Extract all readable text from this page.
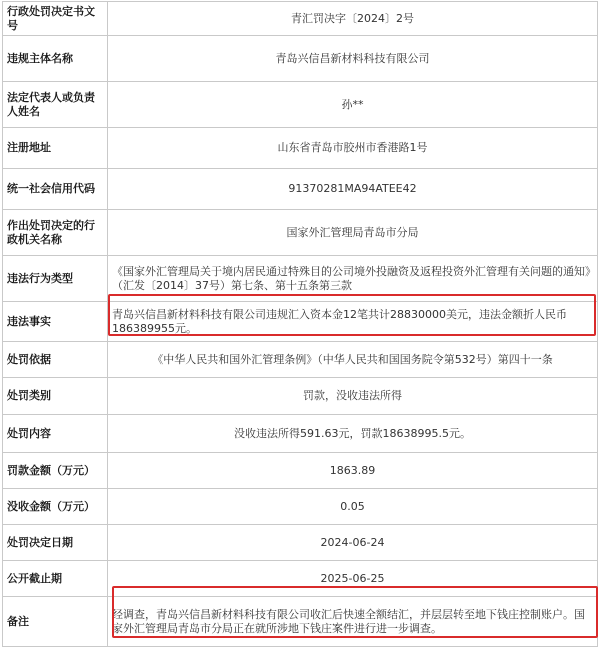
行政处罚决定书文号	青汇罚决字〔2024〕2号
违规主体名称	青岛兴信昌新材料科技有限公司
法定代表人或负责人姓名	孙**
注册地址	山东省青岛市胶州市香港路1号
统一社会信用代码	91370281MA94ATEE42
作出处罚决定的行政机关名称	国家外汇管理局青岛市分局
违法行为类型	《国家外汇管理局关于境内居民通过特殊目的公司境外投融资及返程投资外汇管理有关问题的通知》（汇发〔2014〕37号）第七条、第十五条第三款
违法事实	青岛兴信昌新材料科技有限公司违规汇入资本金12笔共计28830000美元，违法金额折人民币186389955元。
处罚依据	《中华人民共和国外汇管理条例》（中华人民共和国国务院令第532号）第四十一条
处罚类别	罚款，没收违法所得
处罚内容	没收违法所得591.63元，罚款18638995.5元。
罚款金额（万元）	1863.89
没收金额（万元）	0.05
处罚决定日期	2024-06-24
公开截止期	2025-06-25
备注	经调查，青岛兴信昌新材料科技有限公司收汇后快速全额结汇，并层层转至地下钱庄控制账户。国家外汇管理局青岛市分局正在就所涉地下钱庄案件进行进一步调查。
